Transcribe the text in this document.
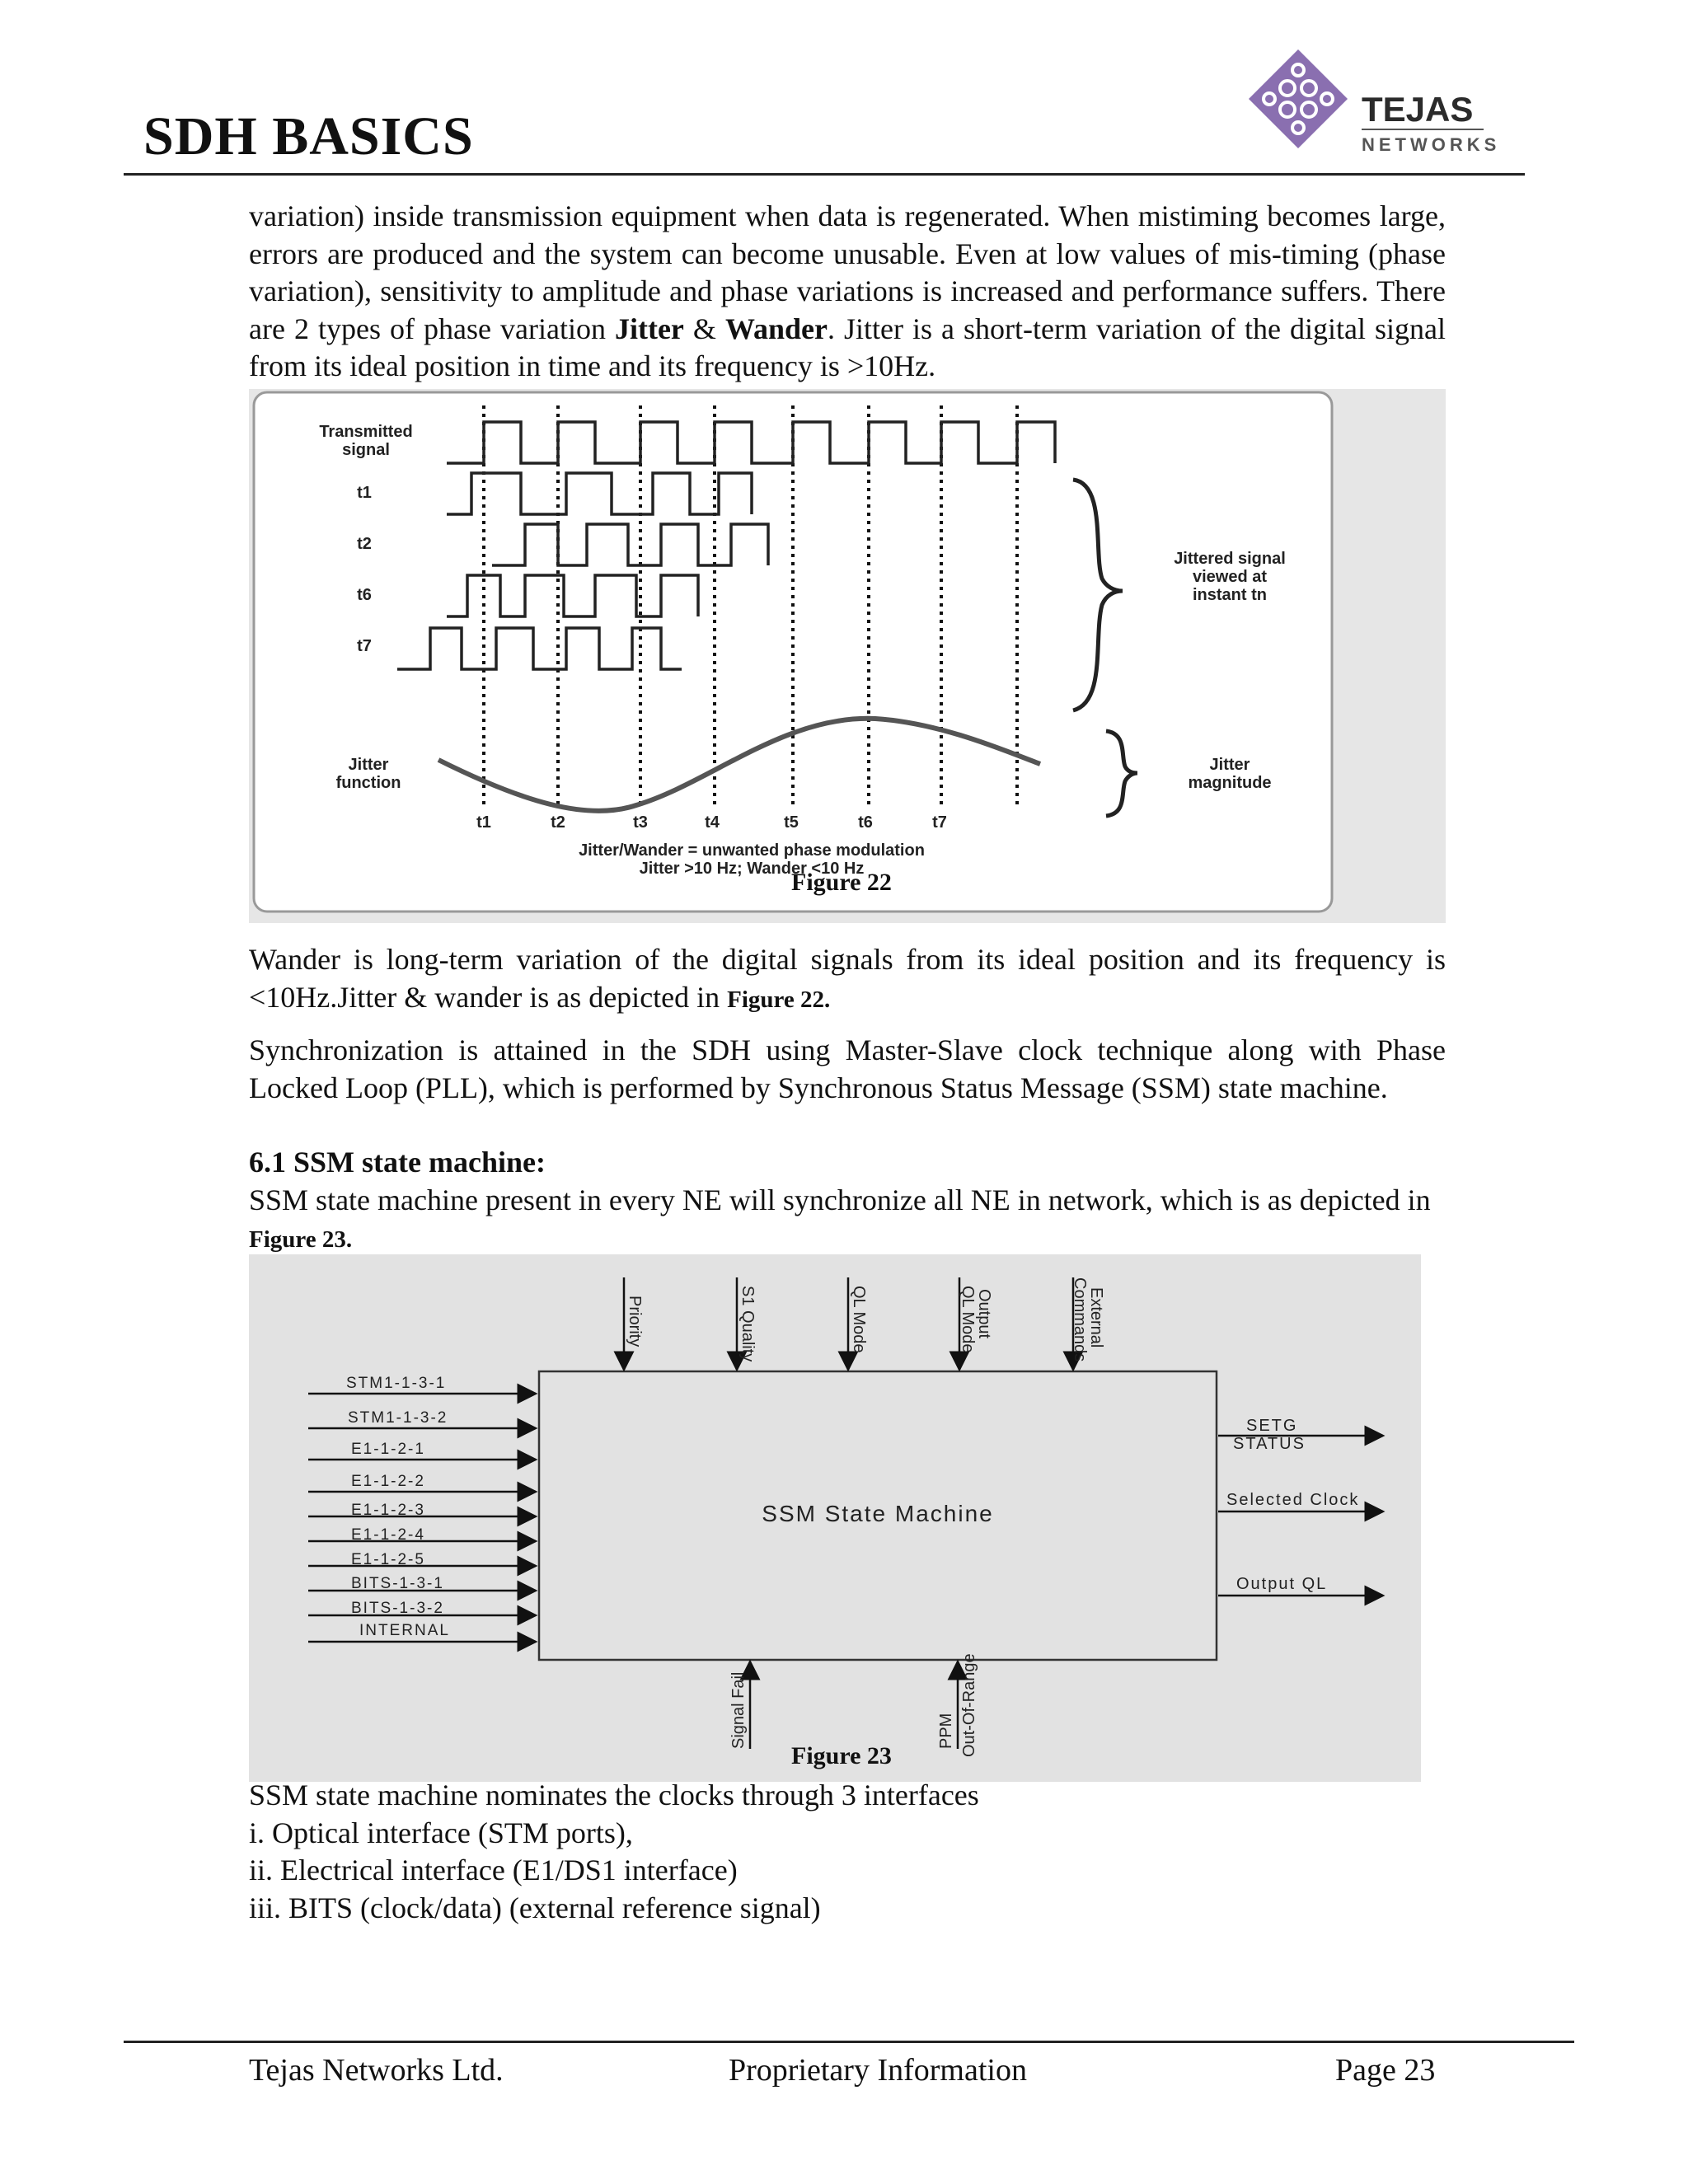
SDH BASICS	TEJAS
NETWORKS

variation) inside transmission equipment when data is regenerated. When mistiming becomes large, errors are produced and the system can become unusable. Even at low values of mis-timing (phase variation), sensitivity to amplitude and phase variations is increased and performance suffers. There are 2 types of phase variation Jitter & Wander. Jitter is a short-term variation of the digital signal from its ideal position in time and its frequency is >10Hz.

Transmitted
signal
t1
t2
t6
t7
Jitter
function
t1	t2	t3	t4	t5	t6	t7
Jittered signal
viewed at
instant tn
Jitter
magnitude
Jitter/Wander = unwanted phase modulation
Jitter >10 Hz; Wander <10 Hz
Figure 22

Wander is long-term variation of the digital signals from its ideal position and its frequency is <10Hz.Jitter & wander is as depicted in Figure 22.

Synchronization is attained in the SDH using Master-Slave clock technique along with Phase Locked Loop (PLL), which is performed by Synchronous Status Message (SSM) state machine.

6.1 SSM state machine:

SSM state machine present in every NE will synchronize all NE in network, which is as depicted in Figure 23.

SSM State Machine
Priority	S1 Quality	QL Mode	Output
QL Mode	External
Commands
Signal Fail	PPM Out-Of-Range
STM1-1-3-1
STM1-1-3-2
E1-1-2-1
E1-1-2-2
E1-1-2-3
E1-1-2-4
E1-1-2-5
BITS-1-3-1
BITS-1-3-2
INTERNAL
SETG
STATUS
Selected Clock
Output QL
Figure 23

SSM state machine nominates the clocks through 3 interfaces

i. Optical interface (STM ports),

ii. Electrical interface (E1/DS1 interface)

iii. BITS (clock/data) (external reference signal)

Tejas Networks Ltd.	Proprietary Information	Page 23
